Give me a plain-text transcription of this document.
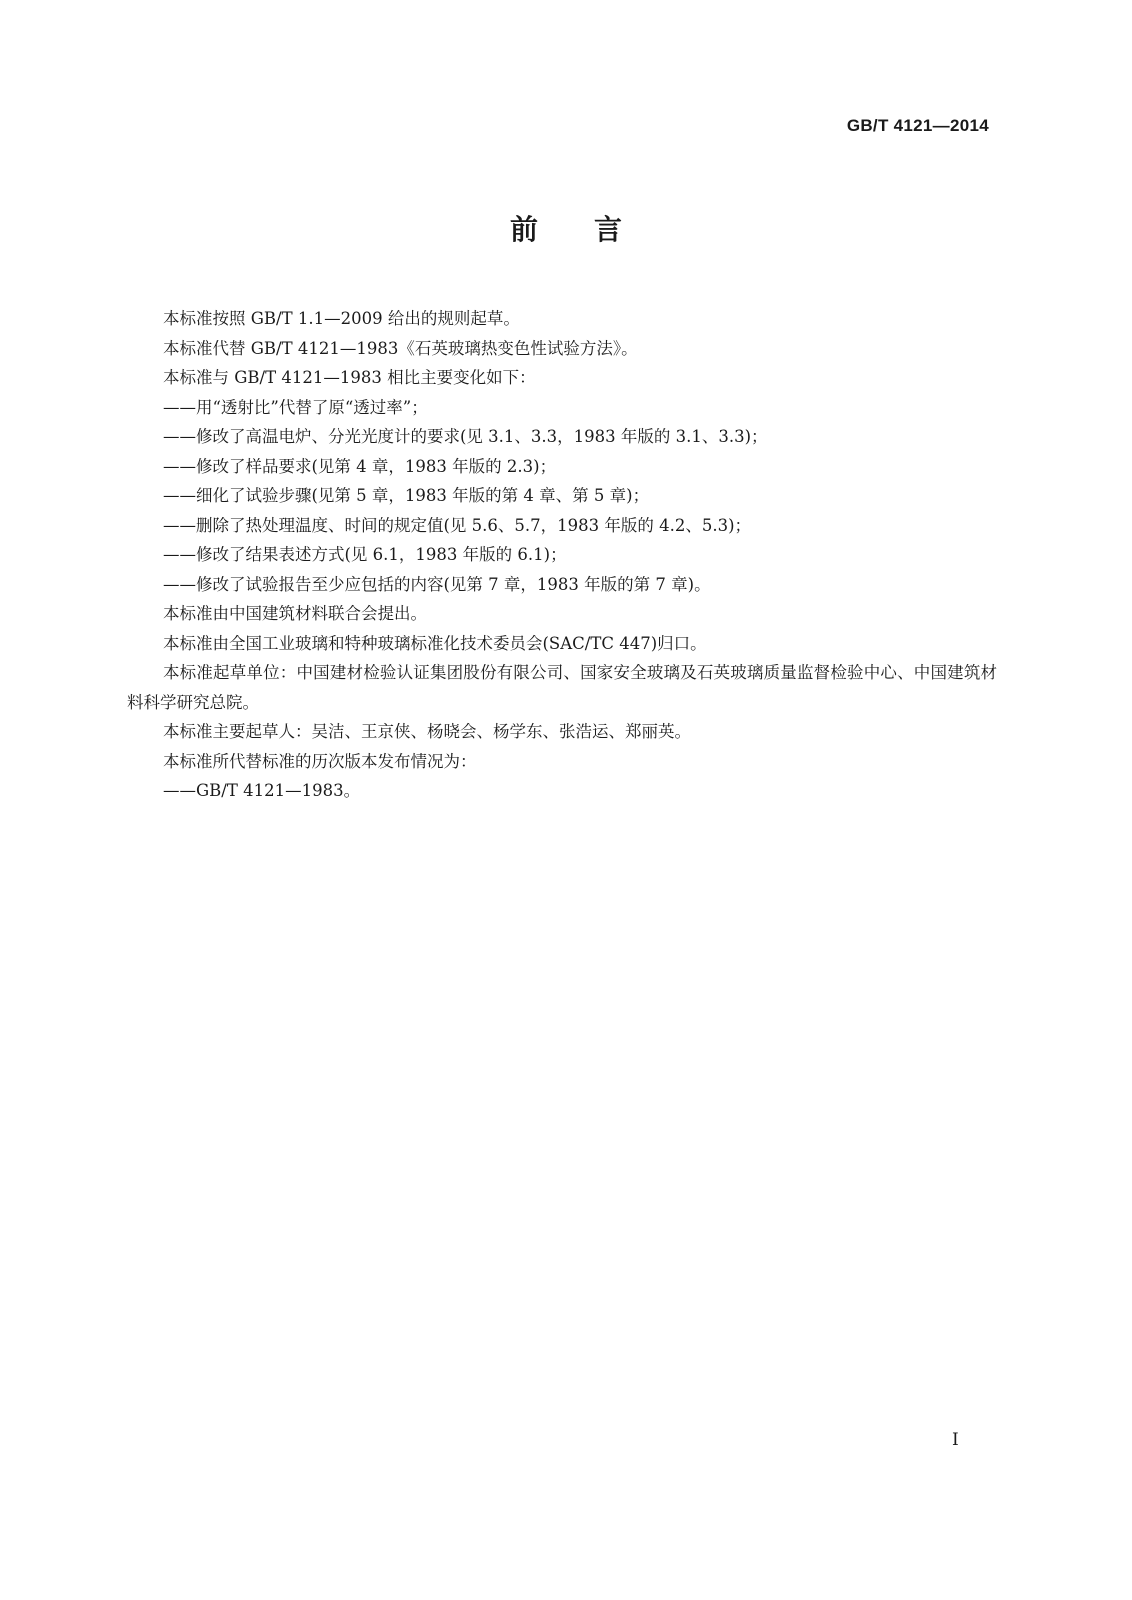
GB/T 4121—2014
前言

本标准按照 GB/T 1.1—2009 给出的规则起草。

本标准代替 GB/T 4121—1983《石英玻璃热变色性试验方法》。

本标准与 GB/T 4121—1983 相比主要变化如下：

——用“透射比”代替了原“透过率”；

——修改了高温电炉、分光光度计的要求(见 3.1、3.3，1983 年版的 3.1、3.3)；

——修改了样品要求(见第 4 章，1983 年版的 2.3)；

——细化了试验步骤(见第 5 章，1983 年版的第 4 章、第 5 章)；

——删除了热处理温度、时间的规定值(见 5.6、5.7，1983 年版的 4.2、5.3)；

——修改了结果表述方式(见 6.1，1983 年版的 6.1)；

——修改了试验报告至少应包括的内容(见第 7 章，1983 年版的第 7 章)。

本标准由中国建筑材料联合会提出。

本标准由全国工业玻璃和特种玻璃标准化技术委员会(SAC/TC 447)归口。

本标准起草单位：中国建材检验认证集团股份有限公司、国家安全玻璃及石英玻璃质量监督检验中心、中国建筑材料科学研究总院。

本标准主要起草人：吴洁、王京侠、杨晓会、杨学东、张浩运、郑丽英。

本标准所代替标准的历次版本发布情况为：

——GB/T 4121—1983。

I
